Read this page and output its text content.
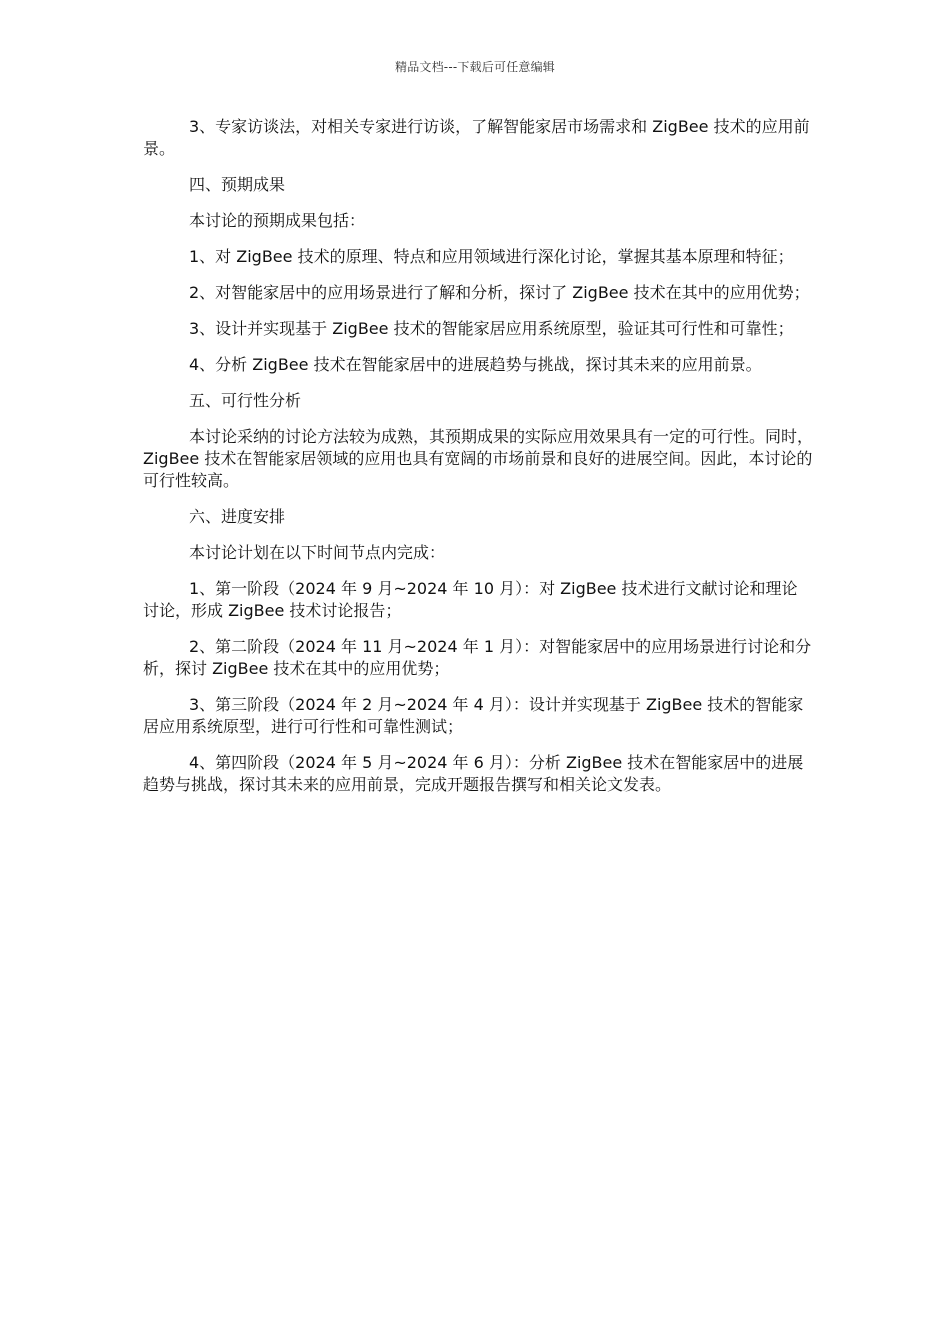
精品文档---下载后可任意编辑

3、专家访谈法，对相关专家进行访谈，了解智能家居市场需求和 ZigBee 技术的应用前景。

四、预期成果

本讨论的预期成果包括：

1、对 ZigBee 技术的原理、特点和应用领域进行深化讨论，掌握其基本原理和特征；

2、对智能家居中的应用场景进行了解和分析，探讨了 ZigBee 技术在其中的应用优势；

3、设计并实现基于 ZigBee 技术的智能家居应用系统原型，验证其可行性和可靠性；

4、分析 ZigBee 技术在智能家居中的进展趋势与挑战，探讨其未来的应用前景。

五、可行性分析

本讨论采纳的讨论方法较为成熟，其预期成果的实际应用效果具有一定的可行性。同时，ZigBee 技术在智能家居领域的应用也具有宽阔的市场前景和良好的进展空间。因此，本讨论的可行性较高。

六、进度安排

本讨论计划在以下时间节点内完成：

1、第一阶段（2024 年 9 月~2024 年 10 月）：对 ZigBee 技术进行文献讨论和理论讨论，形成 ZigBee 技术讨论报告；

2、第二阶段（2024 年 11 月~2024 年 1 月）：对智能家居中的应用场景进行讨论和分析，探讨 ZigBee 技术在其中的应用优势；

3、第三阶段（2024 年 2 月~2024 年 4 月）：设计并实现基于 ZigBee 技术的智能家居应用系统原型，进行可行性和可靠性测试；

4、第四阶段（2024 年 5 月~2024 年 6 月）：分析 ZigBee 技术在智能家居中的进展趋势与挑战，探讨其未来的应用前景，完成开题报告撰写和相关论文发表。
